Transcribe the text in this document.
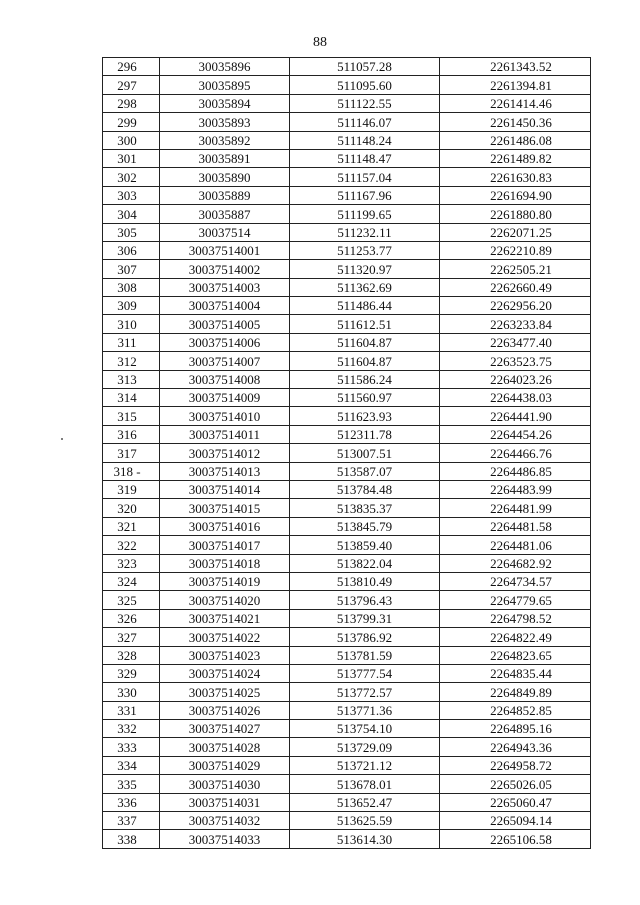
88
296	30035896	511057.28	2261343.52
297	30035895	511095.60	2261394.81
298	30035894	511122.55	2261414.46
299	30035893	511146.07	2261450.36
300	30035892	511148.24	2261486.08
301	30035891	511148.47	2261489.82
302	30035890	511157.04	2261630.83
303	30035889	511167.96	2261694.90
304	30035887	511199.65	2261880.80
305	30037514	511232.11	2262071.25
306	30037514001	511253.77	2262210.89
307	30037514002	511320.97	2262505.21
308	30037514003	511362.69	2262660.49
309	30037514004	511486.44	2262956.20
310	30037514005	511612.51	2263233.84
311	30037514006	511604.87	2263477.40
312	30037514007	511604.87	2263523.75
313	30037514008	511586.24	2264023.26
314	30037514009	511560.97	2264438.03
315	30037514010	511623.93	2264441.90
316	30037514011	512311.78	2264454.26
317	30037514012	513007.51	2264466.76
318 -	30037514013	513587.07	2264486.85
319	30037514014	513784.48	2264483.99
320	30037514015	513835.37	2264481.99
321	30037514016	513845.79	2264481.58
322	30037514017	513859.40	2264481.06
323	30037514018	513822.04	2264682.92
324	30037514019	513810.49	2264734.57
325	30037514020	513796.43	2264779.65
326	30037514021	513799.31	2264798.52
327	30037514022	513786.92	2264822.49
328	30037514023	513781.59	2264823.65
329	30037514024	513777.54	2264835.44
330	30037514025	513772.57	2264849.89
331	30037514026	513771.36	2264852.85
332	30037514027	513754.10	2264895.16
333	30037514028	513729.09	2264943.36
334	30037514029	513721.12	2264958.72
335	30037514030	513678.01	2265026.05
336	30037514031	513652.47	2265060.47
337	30037514032	513625.59	2265094.14
338	30037514033	513614.30	2265106.58
